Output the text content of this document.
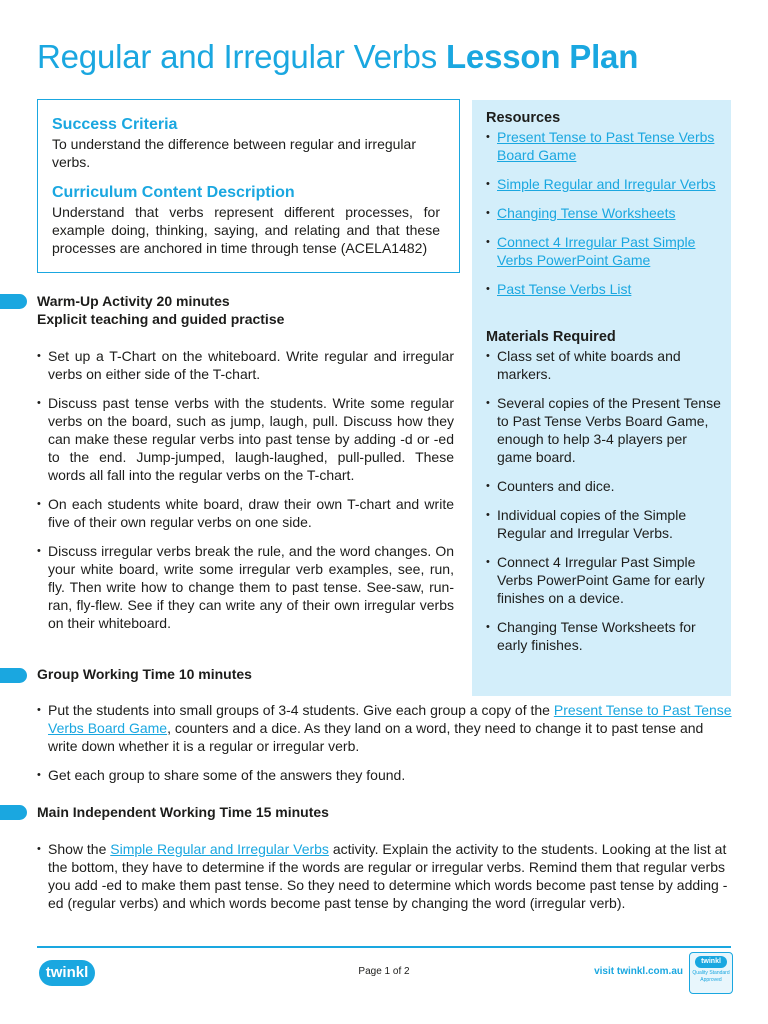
Regular and Irregular Verbs Lesson Plan
Success Criteria
To understand the difference between regular and irregular verbs.
Curriculum Content Description
Understand that verbs represent different processes, for example doing, thinking, saying, and relating and that these processes are anchored in time through tense (ACELA1482)
Resources
• Present Tense to Past Tense Verbs Board Game
• Simple Regular and Irregular Verbs
• Changing Tense Worksheets
• Connect 4 Irregular Past Simple Verbs PowerPoint Game
• Past Tense Verbs List
Materials Required
• Class set of white boards and markers.
• Several copies of the Present Tense to Past Tense Verbs Board Game, enough to help 3-4 players per game board.
• Counters and dice.
• Individual copies of the Simple Regular and Irregular Verbs.
• Connect 4 Irregular Past Simple Verbs PowerPoint Game for early finishes on a device.
• Changing Tense Worksheets for early finishes.
Warm-Up Activity 20 minutes
Explicit teaching and guided practise
• Set up a T-Chart on the whiteboard. Write regular and irregular verbs on either side of the T-chart.
• Discuss past tense verbs with the students. Write some regular verbs on the board, such as jump, laugh, pull. Discuss how they can make these regular verbs into past tense by adding -d or -ed to the end. Jump-jumped, laugh-laughed, pull-pulled. These words all fall into the regular verbs on the T-chart.
• On each students white board, draw their own T-chart and write five of their own regular verbs on one side.
• Discuss irregular verbs break the rule, and the word changes. On your white board, write some irregular verb examples, see, run, fly. Then write how to change them to past tense. See-saw, run-ran, fly-flew. See if they can write any of their own irregular verbs on their whiteboard.
Group Working Time 10 minutes
• Put the students into small groups of 3-4 students. Give each group a copy of the Present Tense to Past Tense Verbs Board Game, counters and a dice. As they land on a word, they need to change it to past tense and write down whether it is a regular or irregular verb.
• Get each group to share some of the answers they found.
Main Independent Working Time 15 minutes
• Show the Simple Regular and Irregular Verbs activity. Explain the activity to the students. Looking at the list at the bottom, they have to determine if the words are regular or irregular verbs. Remind them that regular verbs you add -ed to make them past tense. So they need to determine which words become past tense by adding -ed (regular verbs) and which words become past tense by changing the word (irregular verb).
twinkl	Page 1 of 2	visit twinkl.com.au
twinkl
Quality Standard Approved
